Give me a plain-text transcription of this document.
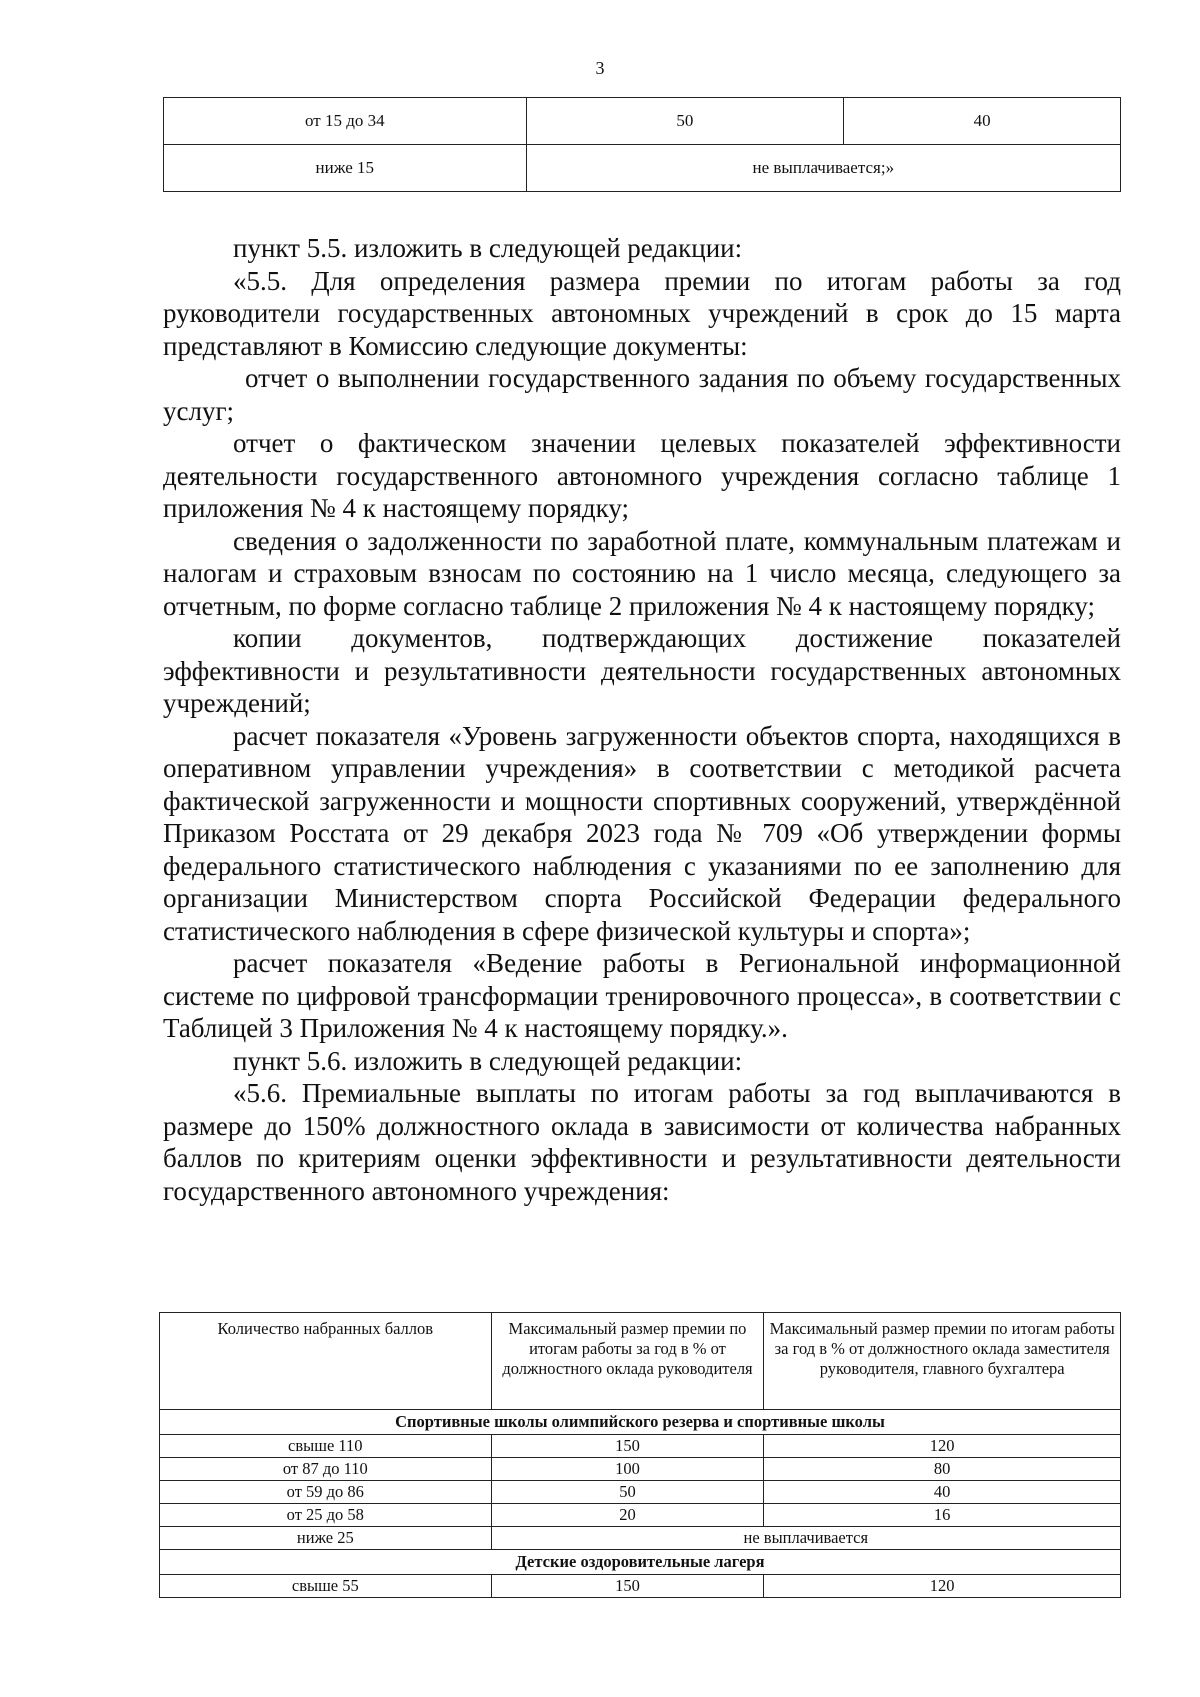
3
от 15 до 34	50	40
ниже 15	не выплачивается;»	

пункт 5.5. изложить в следующей редакции:

«5.5. Для определения размера премии по итогам работы за год руководители государственных автономных учреждений в срок до 15 марта представляют в Комиссию следующие документы:

отчет о выполнении государственного задания по объему государственных услуг;

отчет о фактическом значении целевых показателей эффективности деятельности государственного автономного учреждения согласно таблице 1 приложения № 4 к настоящему порядку;

сведения о задолженности по заработной плате, коммунальным платежам и налогам и страховым взносам по состоянию на 1 число месяца, следующего за отчетным, по форме согласно таблице 2 приложения № 4 к настоящему порядку;

копии документов, подтверждающих достижение показателей эффективности и результативности деятельности государственных автономных учреждений;

расчет показателя «Уровень загруженности объектов спорта, находящихся в оперативном управлении учреждения» в соответствии с методикой расчета фактической загруженности и мощности спортивных сооружений, утверждённой Приказом Росстата от 29 декабря 2023 года № 709 «Об утверждении формы федерального статистического наблюдения с указаниями по ее заполнению для организации Министерством спорта Российской Федерации федерального статистического наблюдения в сфере физической культуры и спорта»;

расчет показателя «Ведение работы в Региональной информационной системе по цифровой трансформации тренировочного процесса», в соответствии с Таблицей 3 Приложения № 4 к настоящему порядку.».

пункт 5.6. изложить в следующей редакции:

«5.6. Премиальные выплаты по итогам работы за год выплачиваются в размере до 150% должностного оклада в зависимости от количества набранных баллов по критериям оценки эффективности и результативности деятельности государственного автономного учреждения:

Количество набранных баллов	Максимальный размер премии по итогам работы за год в % от должностного оклада руководителя	Максимальный размер премии по итогам работы за год в % от должностного оклада заместителя руководителя, главного бухгалтера
Спортивные школы олимпийского резерва и спортивные школы		
свыше 110	150	120
от 87 до 110	100	80
от 59 до 86	50	40
от 25 до 58	20	16
ниже 25	не выплачивается	
Детские оздоровительные лагеря		
свыше 55	150	120
